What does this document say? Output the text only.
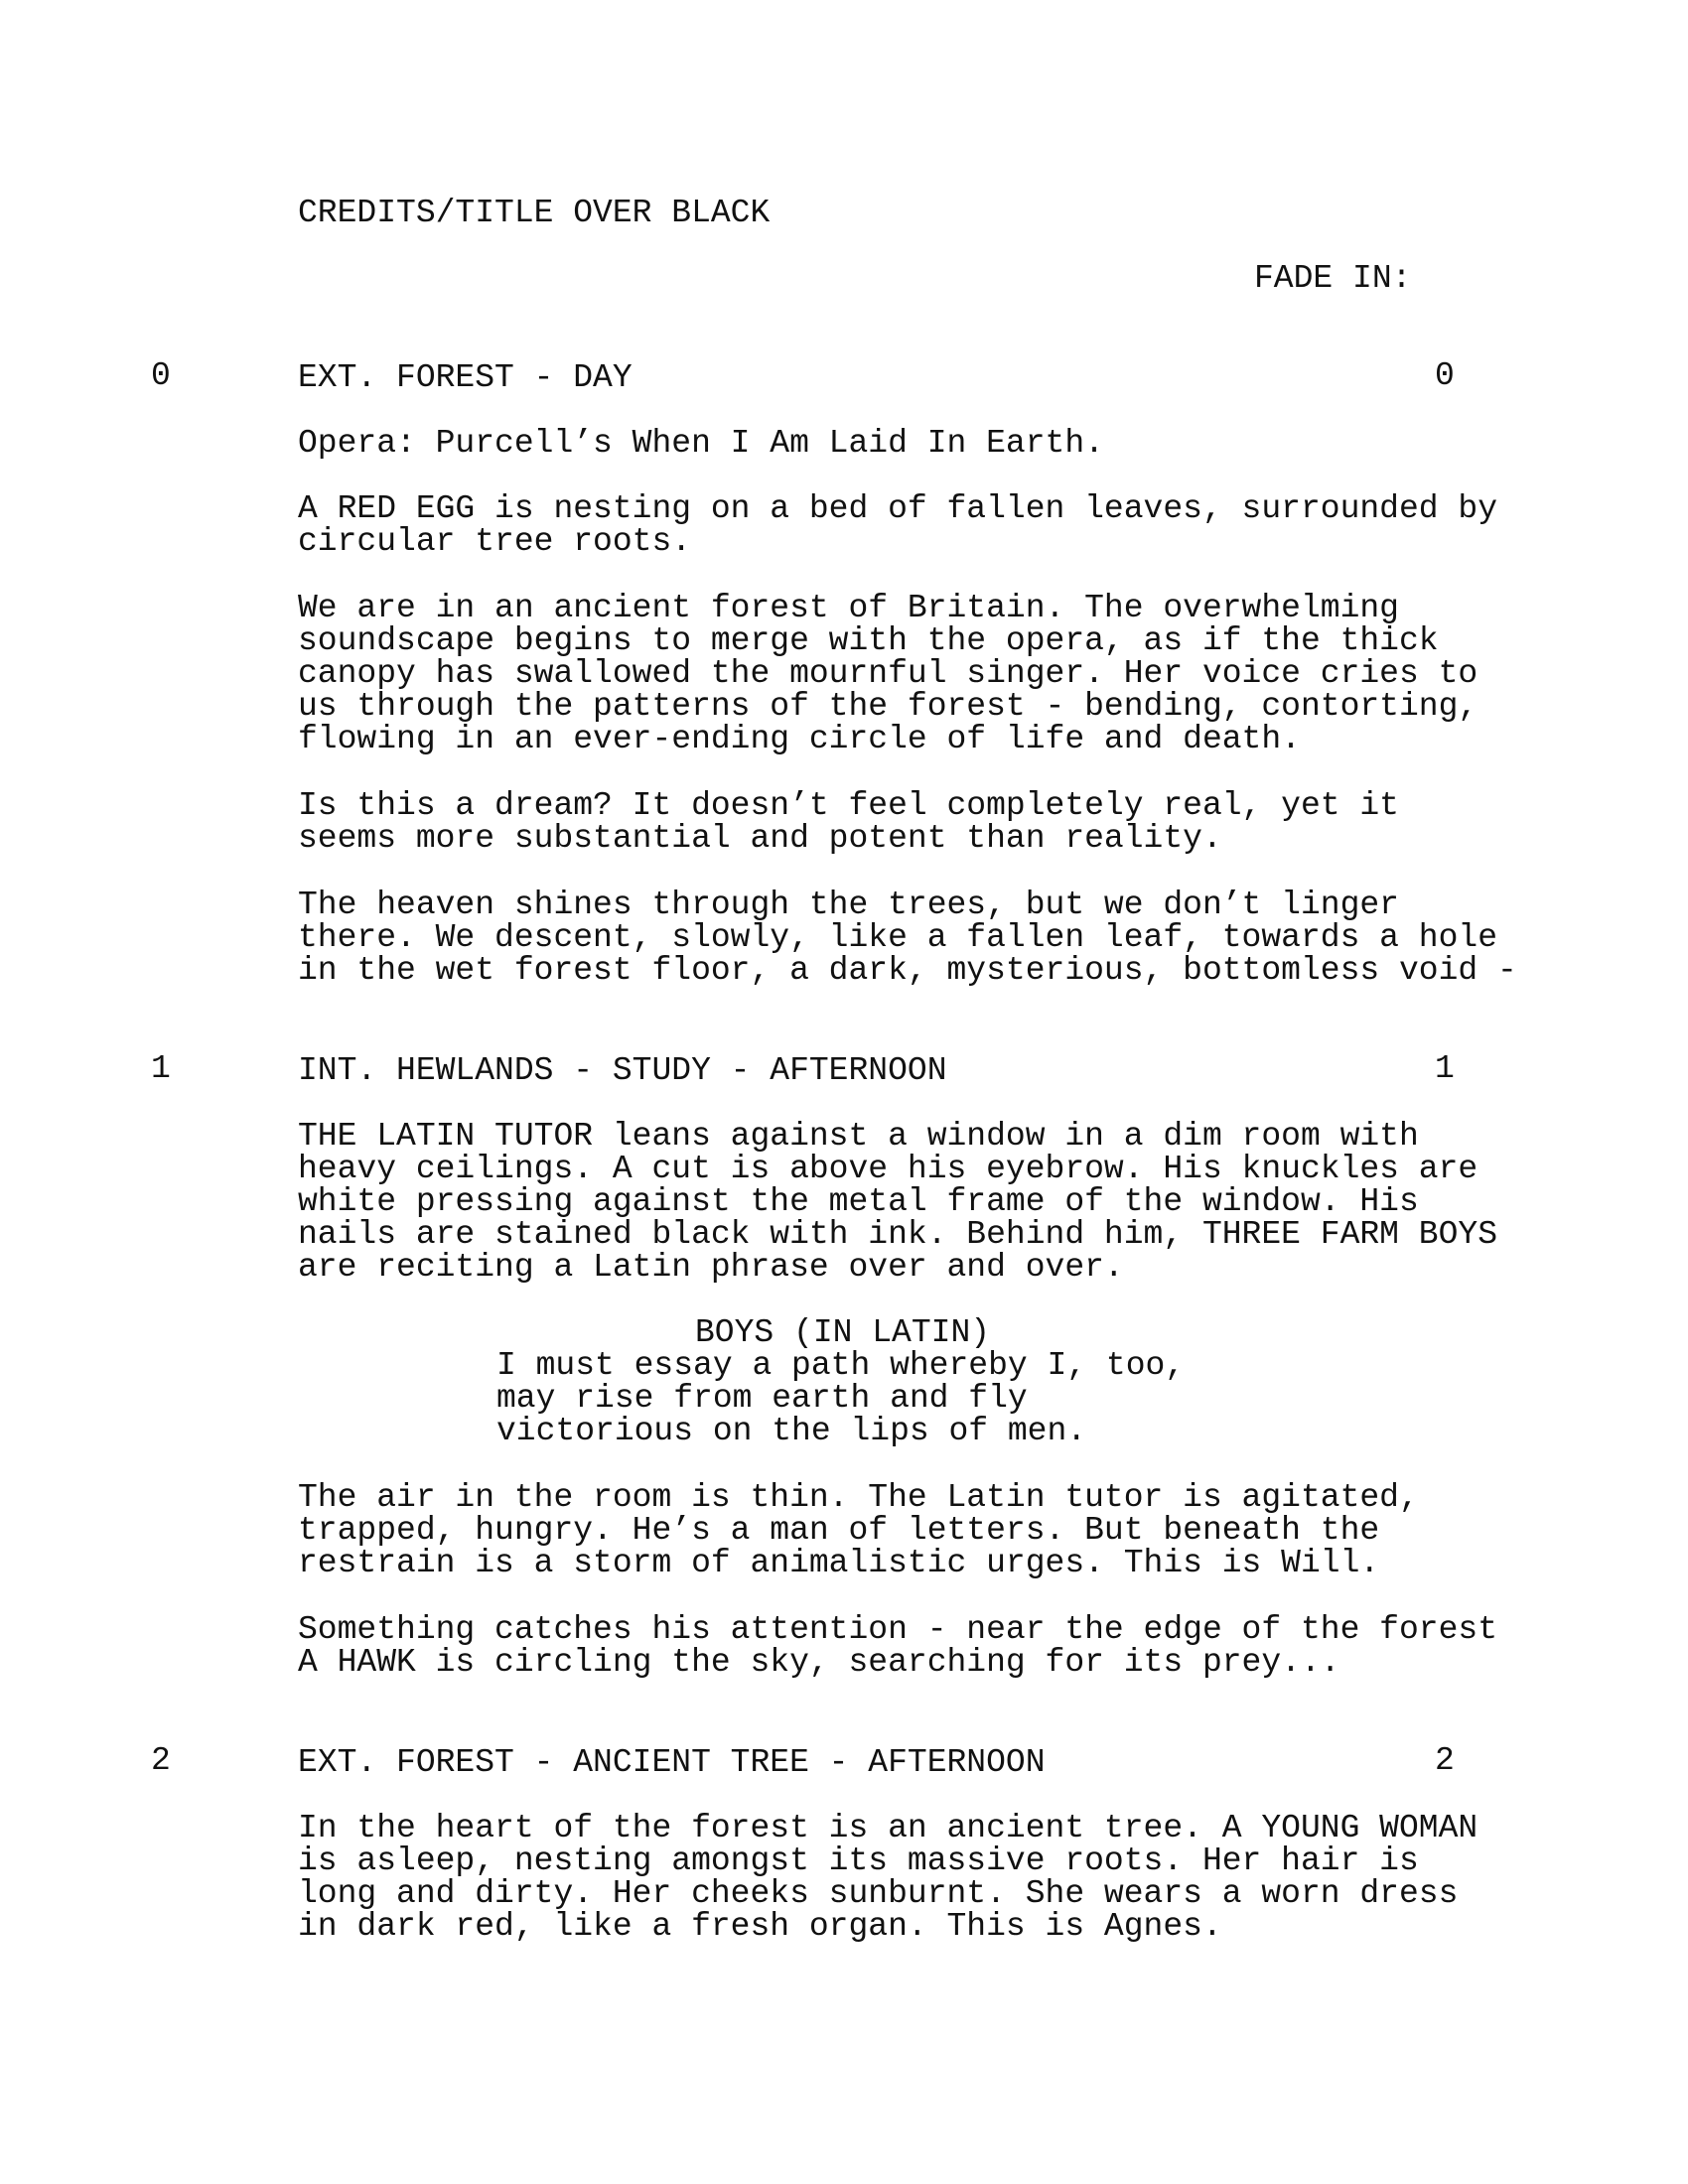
CREDITS/TITLE OVER BLACK
FADE IN:
0	EXT. FOREST - DAY	0
Opera: Purcell’s When I Am Laid In Earth.
A RED EGG is nesting on a bed of fallen leaves, surrounded by
circular tree roots.
We are in an ancient forest of Britain. The overwhelming
soundscape begins to merge with the opera, as if the thick
canopy has swallowed the mournful singer. Her voice cries to
us through the patterns of the forest - bending, contorting,
flowing in an ever-ending circle of life and death.
Is this a dream? It doesn’t feel completely real, yet it
seems more substantial and potent than reality.
The heaven shines through the trees, but we don’t linger
there. We descent, slowly, like a fallen leaf, towards a hole
in the wet forest floor, a dark, mysterious, bottomless void -
1	INT. HEWLANDS - STUDY - AFTERNOON	1
THE LATIN TUTOR leans against a window in a dim room with
heavy ceilings. A cut is above his eyebrow. His knuckles are
white pressing against the metal frame of the window. His
nails are stained black with ink. Behind him, THREE FARM BOYS
are reciting a Latin phrase over and over.
BOYS (IN LATIN)
I must essay a path whereby I, too,
may rise from earth and fly
victorious on the lips of men.
The air in the room is thin. The Latin tutor is agitated,
trapped, hungry. He’s a man of letters. But beneath the
restrain is a storm of animalistic urges. This is Will.
Something catches his attention - near the edge of the forest
A HAWK is circling the sky, searching for its prey...
2	EXT. FOREST - ANCIENT TREE - AFTERNOON	2
In the heart of the forest is an ancient tree. A YOUNG WOMAN
is asleep, nesting amongst its massive roots. Her hair is
long and dirty. Her cheeks sunburnt. She wears a worn dress
in dark red, like a fresh organ. This is Agnes.
